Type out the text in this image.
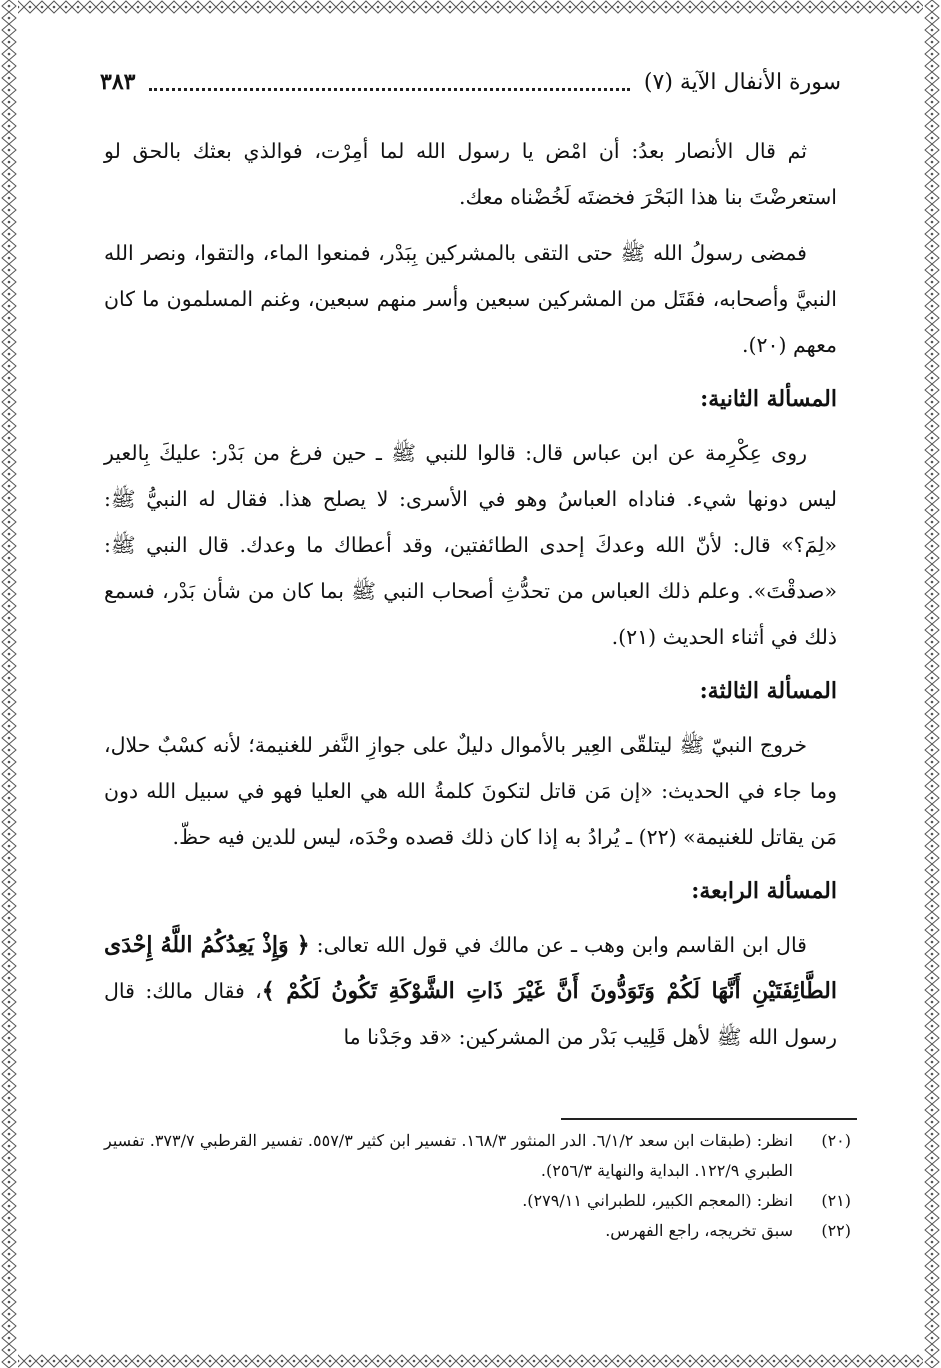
سورة الأنفال الآية (٧)
٣٨٣

ثم قال الأنصار بعدُ: أن امْض يا رسول الله لما أمِرْت، فوالذي بعثك بالحق لو استعرضْتَ بنا هذا البَحْرَ فخضتَه لَخُضْناه معك.

فمضى رسولُ الله ﷺ حتى التقى بالمشركين بِبَدْر، فمنعوا الماء، والتقوا، ونصر الله النبيَّ وأصحابه، فقَتَل من المشركين سبعين وأسر منهم سبعين، وغنم المسلمون ما كان معهم (٢٠).

المسألة الثانية:

روى عِكْرِمة عن ابن عباس قال: قالوا للنبي ﷺ ـ حين فرغ من بَدْر: عليكَ بِالعير ليس دونها شيء. فناداه العباسُ وهو في الأسرى: لا يصلح هذا. فقال له النبيُّ ﷺ: «لِمَ؟» قال: لأنّ الله وعدكَ إحدى الطائفتين، وقد أعطاك ما وعدك. قال النبي ﷺ: «صدقْتَ». وعلم ذلك العباس من تحدُّثِ أصحاب النبي ﷺ بما كان من شأن بَدْر، فسمع ذلك في أثناء الحديث (٢١).

المسألة الثالثة:

خروج النبيّ ﷺ ليتلقّى العِير بالأموال دليلٌ على جوازِ النَّفر للغنيمة؛ لأنه كسْبٌ حلال، وما جاء في الحديث: «إن مَن قاتل لتكونَ كلمةُ الله هي العليا فهو في سبيل الله دون مَن يقاتل للغنيمة» (٢٢) ـ يُرادُ به إذا كان ذلك قصده وحْدَه، ليس للدين فيه حظّ.

المسألة الرابعة:

قال ابن القاسم وابن وهب ـ عن مالك في قول الله تعالى: ﴿ وَإِذْ يَعِدُكُمُ اللَّهُ إِحْدَى الطَّائِفَتَيْنِ أَنَّهَا لَكُمْ وَتَوَدُّونَ أَنَّ غَيْرَ ذَاتِ الشَّوْكَةِ تَكُونُ لَكُمْ ﴾، فقال مالك: قال رسول الله ﷺ لأهل قَلِيب بَدْر من المشركين: «قد وجَدْنا ما

(٢٠)
انظر: (طبقات ابن سعد ٦/١/٢. الدر المنثور ١٦٨/٣. تفسير ابن كثير ٥٥٧/٣. تفسير القرطبي ٣٧٣/٧. تفسير الطبري ١٢٢/٩. البداية والنهاية ٢٥٦/٣).
(٢١)
انظر: (المعجم الكبير، للطبراني ٢٧٩/١١).
(٢٢)
سبق تخريجه، راجع الفهرس.
